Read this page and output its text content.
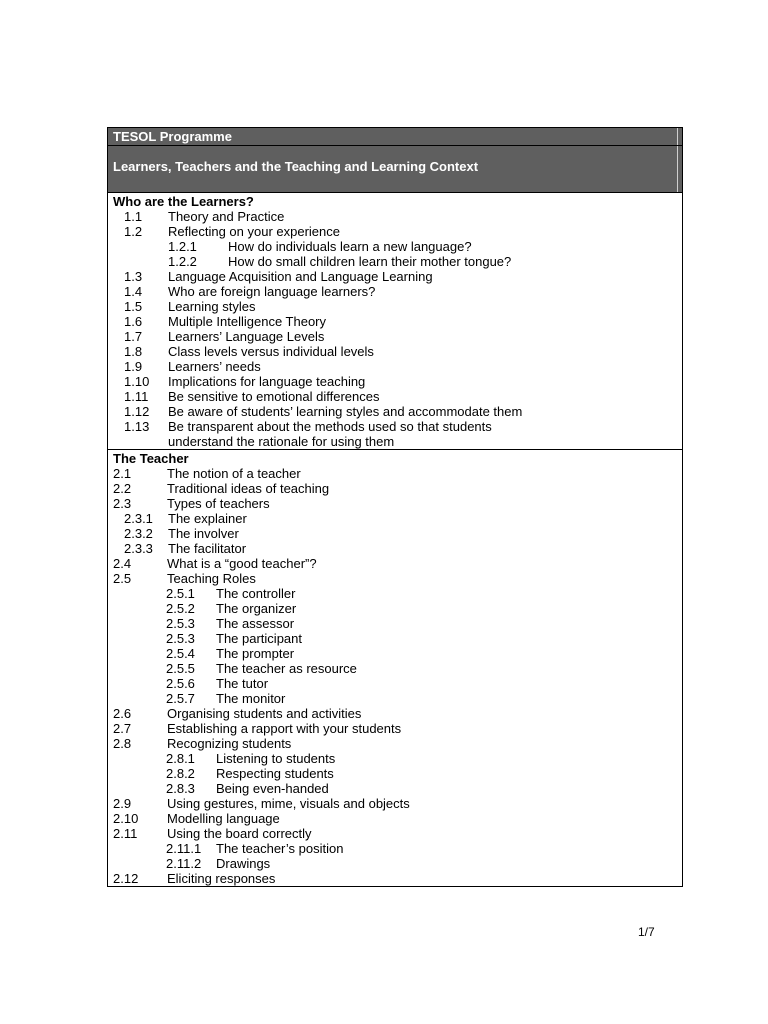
TESOL Programme
Learners, Teachers and the Teaching and Learning Context
Who are the Learners?
1.1 Theory and Practice
1.2 Reflecting on your experience
1.2.1 How do individuals learn a new language?
1.2.2 How do small children learn their mother tongue?
1.3 Language Acquisition and Language Learning
1.4 Who are foreign language learners?
1.5 Learning styles
1.6 Multiple Intelligence Theory
1.7 Learners’ Language Levels
1.8 Class levels versus individual levels
1.9 Learners’ needs
1.10 Implications for language teaching
1.11 Be sensitive to emotional differences
1.12 Be aware of students’ learning styles and accommodate them
1.13 Be transparent about the methods used so that students
understand the rationale for using them
The Teacher
2.1	The notion of a teacher
2.2	Traditional ideas of teaching
2.3	Types of teachers
2.3.1 The explainer
2.3.2 The involver
2.3.3 The facilitator
2.4	What is a “good teacher”?
2.5	Teaching Roles
2.5.1 The controller
2.5.2 The organizer
2.5.3 The assessor
2.5.3 The participant
2.5.4 The prompter
2.5.5 The teacher as resource
2.5.6 The tutor
2.5.7 The monitor
2.6	Organising students and activities
2.7	Establishing a rapport with your students
2.8	Recognizing students
2.8.1 Listening to students
2.8.2 Respecting students
2.8.3 Being even-handed
2.9	Using gestures, mime, visuals and objects
2.10 Modelling language
2.11 Using the board correctly
2.11.1 The teacher’s position
2.11.2 Drawings
2.12 Eliciting responses
1/7
